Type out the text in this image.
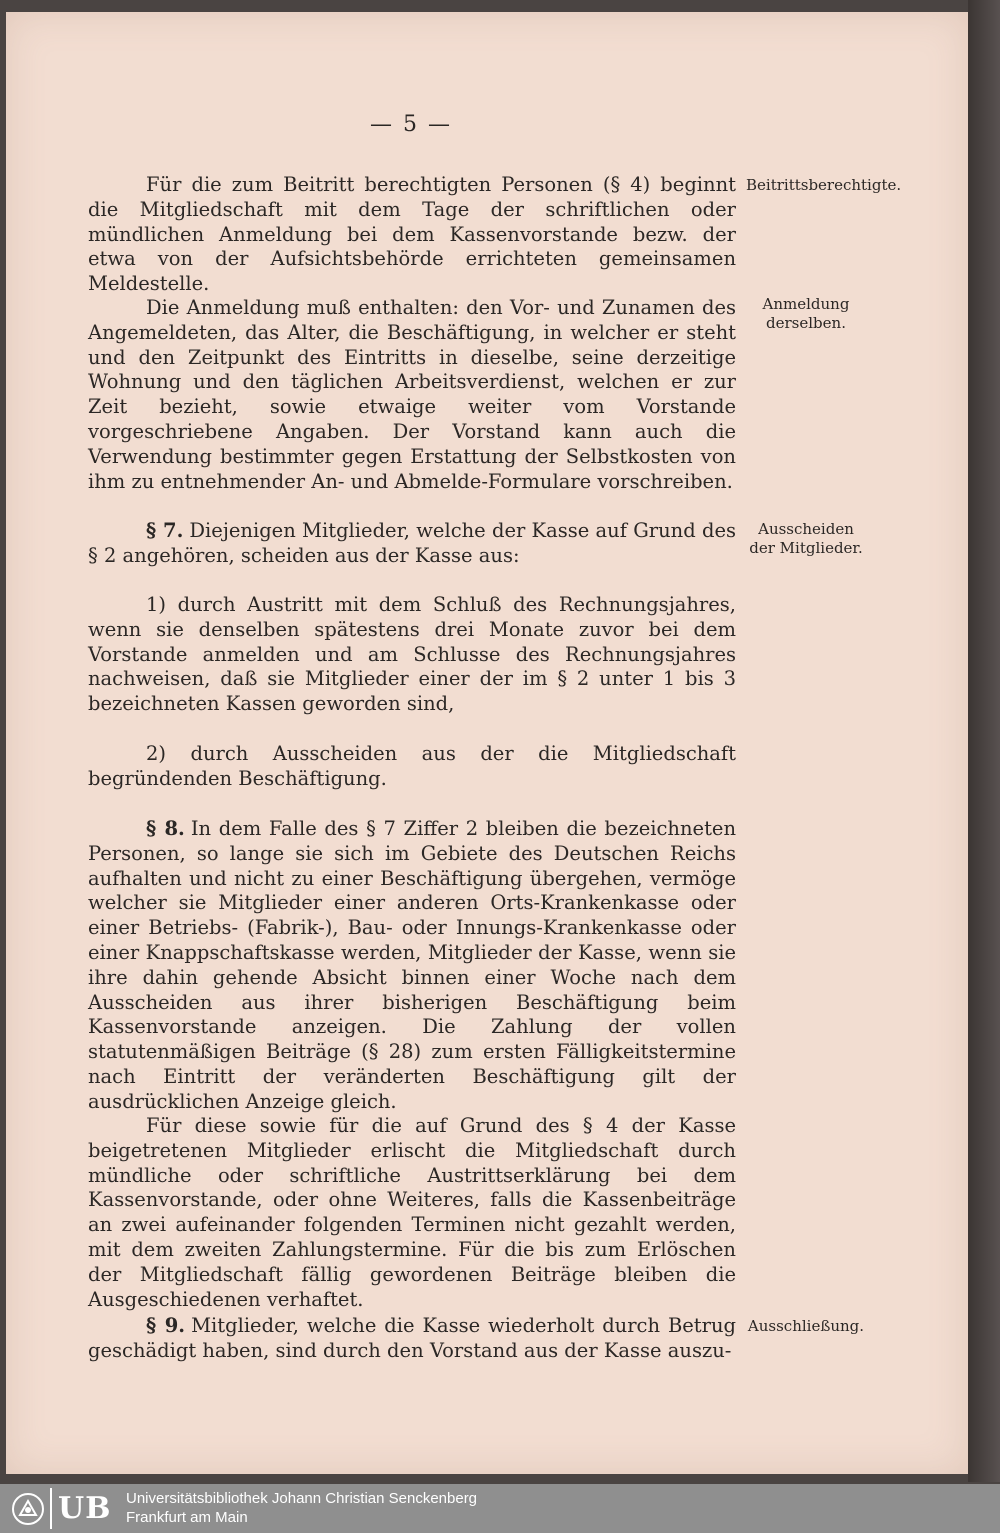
— 5 —

Für die zum Beitritt berechtigten Personen (§ 4) beginnt die Mitgliedschaft mit dem Tage der schriftlichen oder mündlichen Anmeldung bei dem Kassenvorstande bezw. der etwa von der Aufsichtsbehörde errichteten gemeinsamen Meldestelle.

Die Anmeldung muß enthalten: den Vor- und Zunamen des Angemeldeten, das Alter, die Beschäftigung, in welcher er steht und den Zeitpunkt des Eintritts in dieselbe, seine derzeitige Wohnung und den täglichen Arbeitsverdienst, welchen er zur Zeit bezieht, sowie etwaige weiter vom Vorstande vorgeschriebene Angaben. Der Vorstand kann auch die Verwendung bestimmter gegen Erstattung der Selbstkosten von ihm zu entnehmender An- und Abmelde-Formulare vorschreiben.

§ 7. Diejenigen Mitglieder, welche der Kasse auf Grund des § 2 angehören, scheiden aus der Kasse aus:

1) durch Austritt mit dem Schluß des Rechnungsjahres, wenn sie denselben spätestens drei Monate zuvor bei dem Vorstande anmelden und am Schlusse des Rechnungsjahres nachweisen, daß sie Mitglieder einer der im § 2 unter 1 bis 3 bezeichneten Kassen geworden sind,

2) durch Ausscheiden aus der die Mitgliedschaft begründenden Beschäftigung.

§ 8. In dem Falle des § 7 Ziffer 2 bleiben die bezeichneten Personen, so lange sie sich im Gebiete des Deutschen Reichs aufhalten und nicht zu einer Beschäftigung übergehen, vermöge welcher sie Mitglieder einer anderen Orts-Krankenkasse oder einer Betriebs- (Fabrik-), Bau- oder Innungs-Krankenkasse oder einer Knappschaftskasse werden, Mitglieder der Kasse, wenn sie ihre dahin gehende Absicht binnen einer Woche nach dem Ausscheiden aus ihrer bisherigen Beschäftigung beim Kassenvorstande anzeigen. Die Zahlung der vollen statutenmäßigen Beiträge (§ 28) zum ersten Fälligkeitstermine nach Eintritt der veränderten Beschäftigung gilt der ausdrücklichen Anzeige gleich.

Für diese sowie für die auf Grund des § 4 der Kasse beigetretenen Mitglieder erlischt die Mitgliedschaft durch mündliche oder schriftliche Austrittserklärung bei dem Kassenvorstande, oder ohne Weiteres, falls die Kassenbeiträge an zwei aufeinander folgenden Terminen nicht gezahlt werden, mit dem zweiten Zahlungstermine. Für die bis zum Erlöschen der Mitgliedschaft fällig gewordenen Beiträge bleiben die Ausgeschiedenen verhaftet.

§ 9. Mitglieder, welche die Kasse wiederholt durch Betrug geschädigt haben, sind durch den Vorstand aus der Kasse auszu-

Beitrittsberechtigte.
Anmeldung derselben.
Ausscheiden der Mitglieder.
Ausschließung.
UB Universitätsbibliothek Johann Christian Senckenberg
Frankfurt am Main
